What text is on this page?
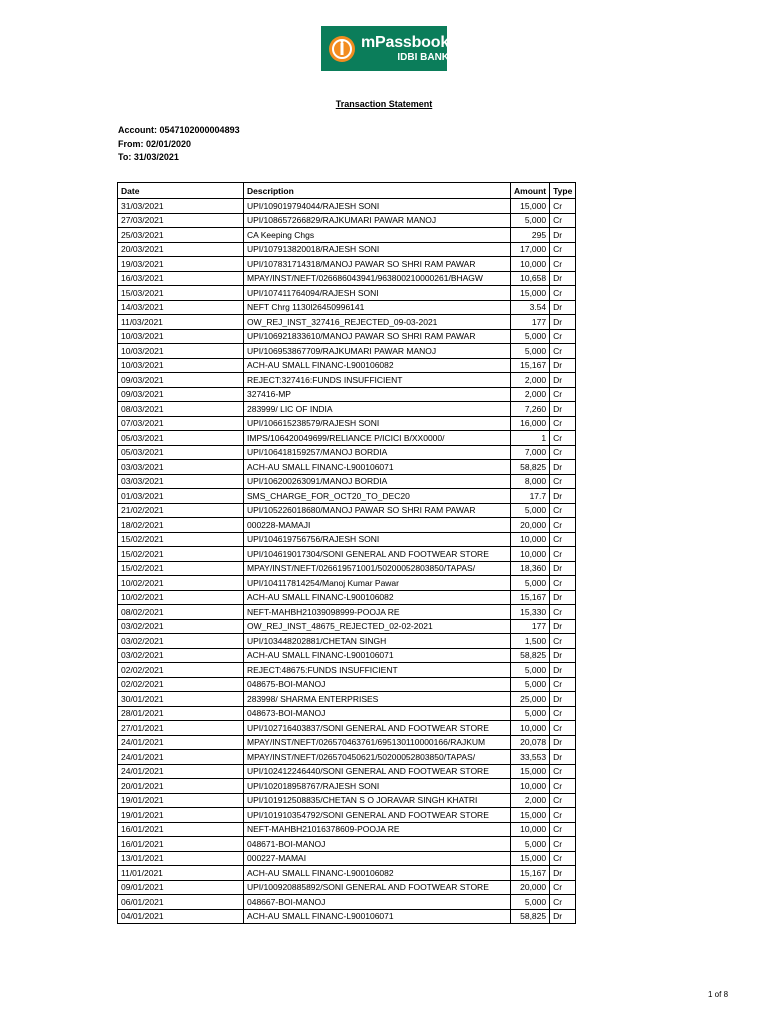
mPassbook
IDBI BANK
Transaction Statement
Account: 0547102000004893
From: 02/01/2020
To: 31/03/2021
Date	Description	Amount	Type
31/03/2021	UPI/109019794044/RAJESH SONI	15,000	Cr
27/03/2021	UPI/108657266829/RAJKUMARI PAWAR MANOJ	5,000	Cr
25/03/2021	CA Keeping Chgs	295	Dr
20/03/2021	UPI/107913820018/RAJESH SONI	17,000	Cr
19/03/2021	UPI/107831714318/MANOJ PAWAR SO SHRI RAM PAWAR	10,000	Cr
16/03/2021	MPAY/INST/NEFT/026686043941/963800210000261/BHAGW	10,658	Dr
15/03/2021	UPI/107411764094/RAJESH SONI	15,000	Cr
14/03/2021	NEFT Chrg 1130l26450996141	3.54	Dr
11/03/2021	OW_REJ_INST_327416_REJECTED_09-03-2021	177	Dr
10/03/2021	UPI/106921833610/MANOJ PAWAR SO SHRI RAM PAWAR	5,000	Cr
10/03/2021	UPI/106953867709/RAJKUMARI PAWAR MANOJ	5,000	Cr
10/03/2021	ACH-AU SMALL FINANC-L900106082	15,167	Dr
09/03/2021	REJECT:327416:FUNDS INSUFFICIENT	2,000	Dr
09/03/2021	327416-MP	2,000	Cr
08/03/2021	283999/ LIC OF INDIA	7,260	Dr
07/03/2021	UPI/106615238579/RAJESH SONI	16,000	Cr
05/03/2021	IMPS/106420049699/RELIANCE P/ICICI B/XX0000/	1	Cr
05/03/2021	UPI/106418159257/MANOJ BORDIA	7,000	Cr
03/03/2021	ACH-AU SMALL FINANC-L900106071	58,825	Dr
03/03/2021	UPI/106200263091/MANOJ BORDIA	8,000	Cr
01/03/2021	SMS_CHARGE_FOR_OCT20_TO_DEC20	17.7	Dr
21/02/2021	UPI/105226018680/MANOJ PAWAR SO SHRI RAM PAWAR	5,000	Cr
18/02/2021	000228-MAMAJI	20,000	Cr
15/02/2021	UPI/104619756756/RAJESH SONI	10,000	Cr
15/02/2021	UPI/104619017304/SONI GENERAL AND FOOTWEAR STORE	10,000	Cr
15/02/2021	MPAY/INST/NEFT/026619571001/50200052803850/TAPAS/	18,360	Dr
10/02/2021	UPI/104117814254/Manoj Kumar Pawar	5,000	Cr
10/02/2021	ACH-AU SMALL FINANC-L900106082	15,167	Dr
08/02/2021	NEFT-MAHBH21039098999-POOJA RE	15,330	Cr
03/02/2021	OW_REJ_INST_48675_REJECTED_02-02-2021	177	Dr
03/02/2021	UPI/103448202881/CHETAN SINGH	1,500	Cr
03/02/2021	ACH-AU SMALL FINANC-L900106071	58,825	Dr
02/02/2021	REJECT:48675:FUNDS INSUFFICIENT	5,000	Dr
02/02/2021	048675-BOI-MANOJ	5,000	Cr
30/01/2021	283998/ SHARMA ENTERPRISES	25,000	Dr
28/01/2021	048673-BOI-MANOJ	5,000	Cr
27/01/2021	UPI/102716403837/SONI GENERAL AND FOOTWEAR STORE	10,000	Cr
24/01/2021	MPAY/INST/NEFT/026570463761/695130110000166/RAJKUM	20,078	Dr
24/01/2021	MPAY/INST/NEFT/026570450621/50200052803850/TAPAS/	33,553	Dr
24/01/2021	UPI/102412246440/SONI GENERAL AND FOOTWEAR STORE	15,000	Cr
20/01/2021	UPI/102018958767/RAJESH SONI	10,000	Cr
19/01/2021	UPI/101912508835/CHETAN S O JORAVAR SINGH KHATRI	2,000	Cr
19/01/2021	UPI/101910354792/SONI GENERAL AND FOOTWEAR STORE	15,000	Cr
16/01/2021	NEFT-MAHBH21016378609-POOJA RE	10,000	Cr
16/01/2021	048671-BOI-MANOJ	5,000	Cr
13/01/2021	000227-MAMAI	15,000	Cr
11/01/2021	ACH-AU SMALL FINANC-L900106082	15,167	Dr
09/01/2021	UPI/100920885892/SONI GENERAL AND FOOTWEAR STORE	20,000	Cr
06/01/2021	048667-BOI-MANOJ	5,000	Cr
04/01/2021	ACH-AU SMALL FINANC-L900106071	58,825	Dr
1 of 8
